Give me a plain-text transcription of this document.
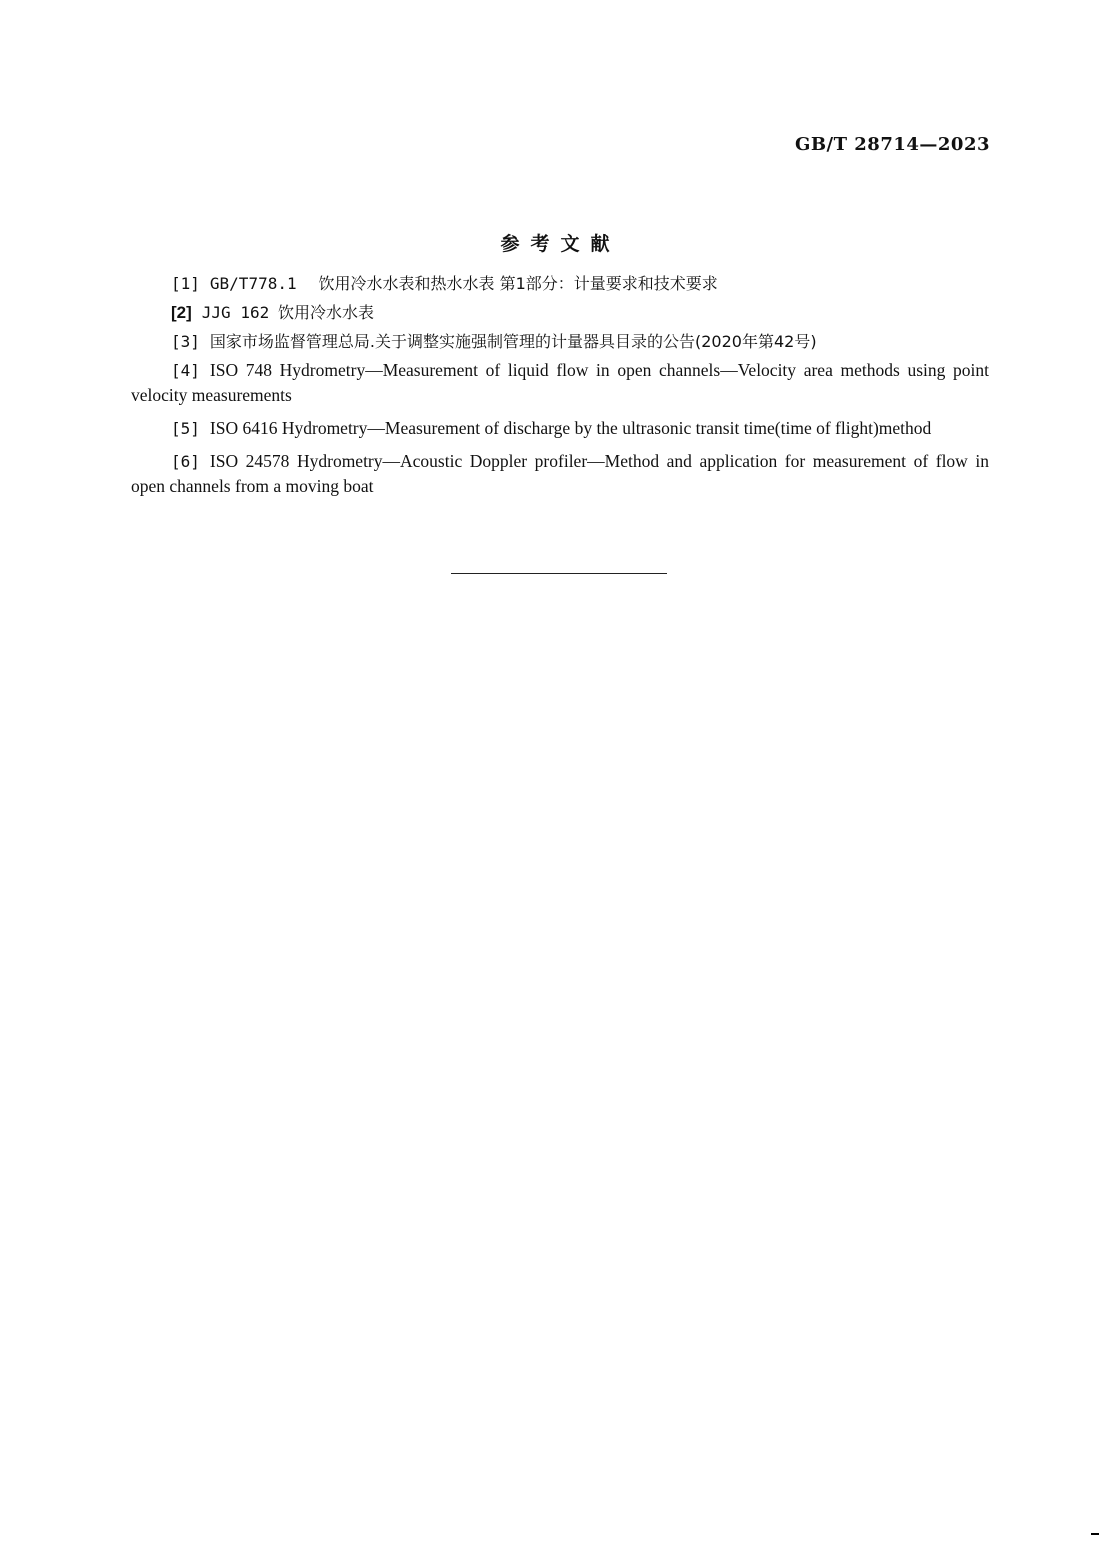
GB/T 28714—2023
参考文献

[1] GB/T778.1 饮用冷水水表和热水水表 第1部分：计量要求和技术要求

[2] JJG 162 饮用冷水水表

[3] 国家市场监督管理总局.关于调整实施强制管理的计量器具目录的公告(2020年第42号)

[4] ISO 748 Hydrometry—Measurement of liquid flow in open channels—Velocity area methods using point velocity measurements

[5] ISO 6416 Hydrometry—Measurement of discharge by the ultrasonic transit time(time of flight)method

[6] ISO 24578 Hydrometry—Acoustic Doppler profiler—Method and application for measurement of flow in open channels from a moving boat
